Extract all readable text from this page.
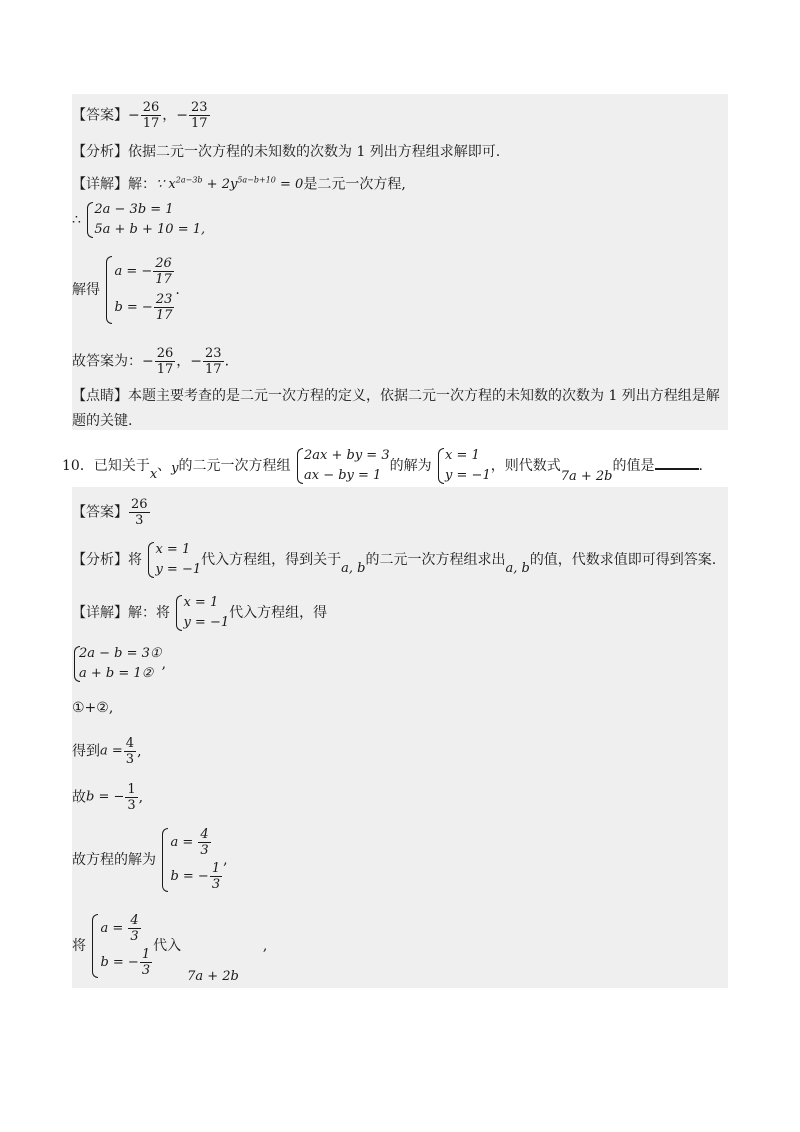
【答案】− $\frac{26}{17}$ ，− $\frac{23}{17}$
【分析】依据二元一次方程的未知数的次数为 1 列出方程组求解即可.
【详解】解：∵ $x^{2a-3b} + 2y^{5a-b+10} = 0$是二元一次方程,
∴
2a − 3b = 1
5a + b + 10 = 1,
解得
a = − $\frac{26}{17}$
b = − $\frac{23}{17}$
.
故答案为：− $\frac{26}{17}$ ，− $\frac{23}{17}$ .
【点睛】本题主要考查的是二元一次方程的定义，依据二元一次方程的未知数的次数为 1 列出方程组是解
题的关键.
10．已知关于x、y的二元一次方程组
2ax + by = 3
ax − by = 1
的解为
x = 1
y = −1
，则代数式7a + 2b的值是	.
【答案】 $\frac{26}{3}$
【分析】将
x = 1
y = −1
代入方程组，得到关于a, b的二元一次方程组求出a, b的值，代数求值即可得到答案.
【详解】解：将
x = 1
y = −1
代入方程组，得
2a − b = 3①
a + b = 1②
,
①+②,
得到$a = \frac{4}{3}$ ,
故b = − $\frac{1}{3}$ ,
故方程的解为
$a = \frac{4}{3}$
b = − $\frac{1}{3}$
,
将
$a = \frac{4}{3}$
b = − $\frac{1}{3}$
代入7a + 2b,
